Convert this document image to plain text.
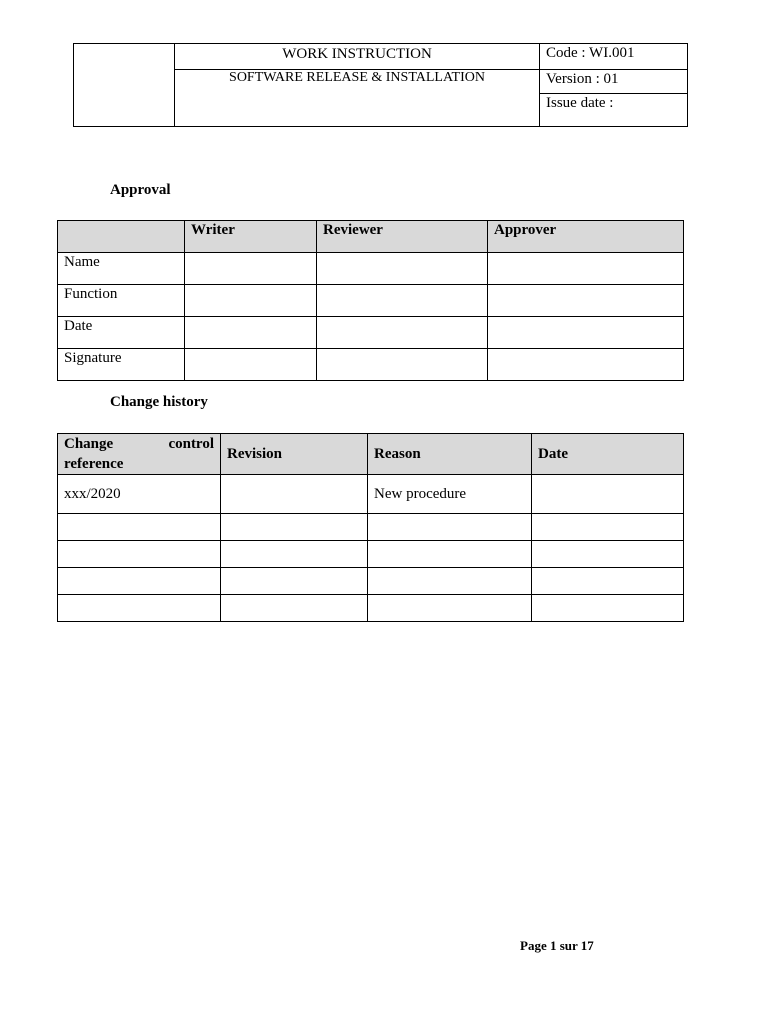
	WORK INSTRUCTION	Code : WI.001
	SOFTWARE RELEASE & INSTALLATION	Version : 01
		Issue date :
Approval
	Writer	Reviewer	Approver
Name			
Function			
Date			
Signature			
Change history
Change control
reference	Revision	Reason	Date
xxx/2020		New procedure	

Page 1 sur 17
